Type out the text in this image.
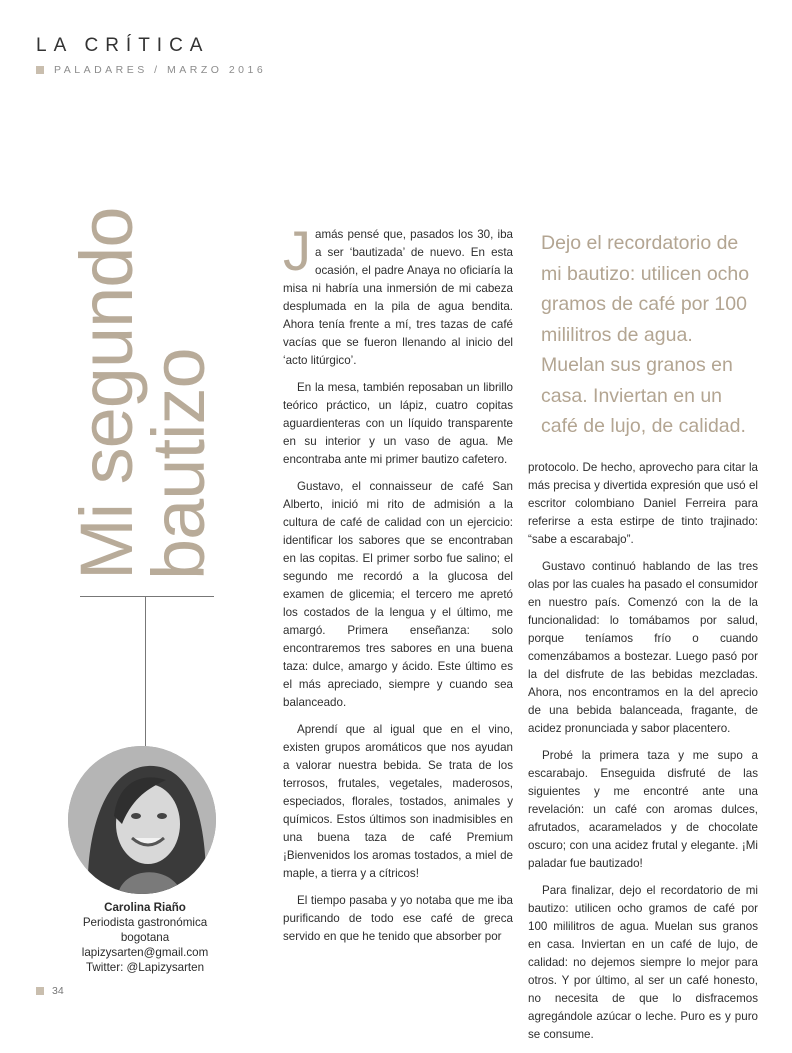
LA CRÍTICA
PALADARES / MARZO 2016
Mi segundo
bautizo
Carolina Riaño
Periodista gastronómica
bogotana
lapizysarten@gmail.com
Twitter: @Lapizysarten

Jamás pensé que, pasados los 30, iba a ser ‘bautizada’ de nuevo. En esta ocasión, el padre Anaya no oficiaría la misa ni habría una inmersión de mi cabeza desplumada en la pila de agua bendita. Ahora tenía frente a mí, tres tazas de café vacías que se fueron llenando al inicio del ‘acto litúrgico’.

En la mesa, también reposaban un librillo teórico práctico, un lápiz, cuatro copitas aguardienteras con un líquido transparente en su interior y un vaso de agua. Me encontraba ante mi primer bautizo cafetero.

Gustavo, el connaisseur de café San Alberto, inició mi rito de admisión a la cultura de café de calidad con un ejercicio: identificar los sabores que se encontraban en las copitas. El primer sorbo fue salino; el segundo me recordó a la glucosa del examen de glicemia; el tercero me apretó los costados de la lengua y el último, me amargó. Primera enseñanza: solo encontraremos tres sabores en una buena taza: dulce, amargo y ácido. Este último es el más apreciado, siempre y cuando sea balanceado.

Aprendí que al igual que en el vino, existen grupos aromáticos que nos ayudan a valorar nuestra bebida. Se trata de los terrosos, frutales, vegetales, maderosos, especiados, florales, tostados, animales y químicos. Estos últimos son inadmisibles en una buena taza de café Premium ¡Bienvenidos los aromas tostados, a miel de maple, a tierra y a cítricos!

El tiempo pasaba y yo notaba que me iba purificando de todo ese café de greca servido en que he tenido que absorber por

Dejo el recordatorio de mi bautizo: utilicen ocho gramos de café por 100 mililitros de agua. Muelan sus granos en casa. Inviertan en un café de lujo, de calidad.

protocolo. De hecho, aprovecho para citar la más precisa y divertida expresión que usó el escritor colombiano Daniel Ferreira para referirse a esta estirpe de tinto trajinado: “sabe a escarabajo”.

Gustavo continuó hablando de las tres olas por las cuales ha pasado el consumidor en nuestro país. Comenzó con la de la funcionalidad: lo tomábamos por salud, porque teníamos frío o cuando comenzábamos a bostezar. Luego pasó por la del disfrute de las bebidas mezcladas. Ahora, nos encontramos en la del aprecio de una bebida balanceada, fragante, de acidez pronunciada y sabor placentero.

Probé la primera taza y me supo a escarabajo. Enseguida disfruté de las siguientes y me encontré ante una revelación: un café con aromas dulces, afrutados, acaramelados y de chocolate oscuro; con una acidez frutal y elegante. ¡Mi paladar fue bautizado!

Para finalizar, dejo el recordatorio de mi bautizo: utilicen ocho gramos de café por 100 mililitros de agua. Muelan sus granos en casa. Inviertan en un café de lujo, de calidad: no dejemos siempre lo mejor para otros. Y por último, al ser un café honesto, no necesita de que lo disfracemos agregándole azúcar o leche. Puro es y puro se consume.

34
